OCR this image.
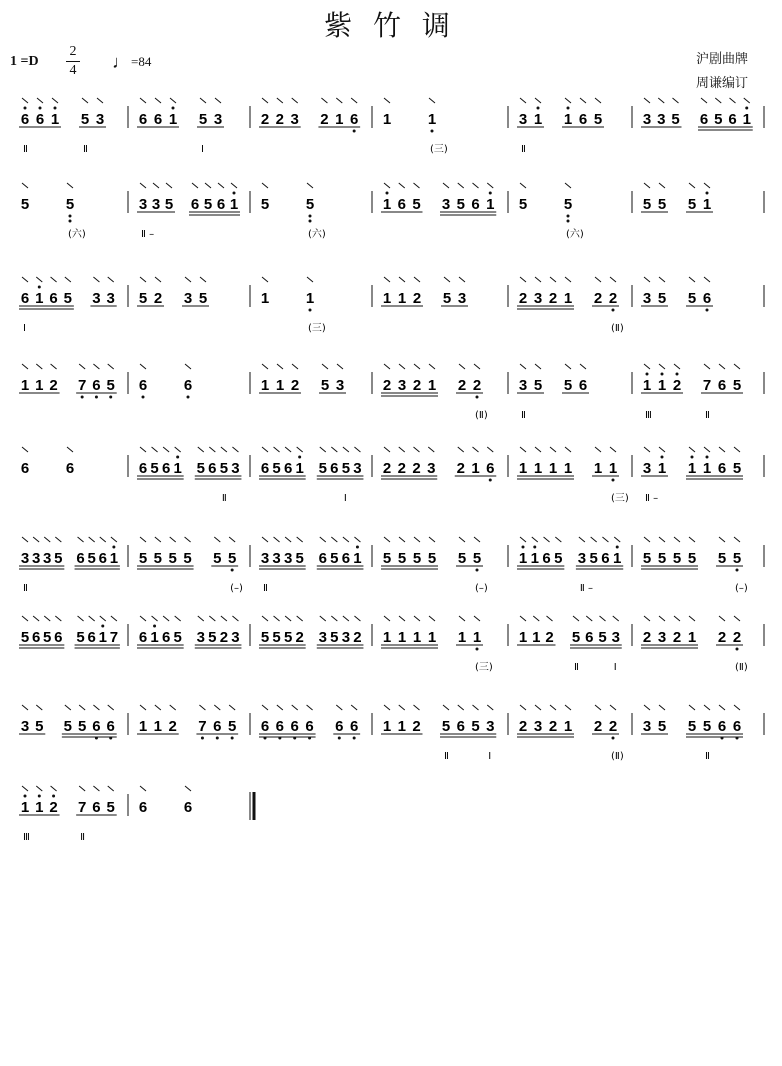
紫 竹 调
1 =D
2
4 ♩ =84	沪剧曲牌
周谦编订
6 6 1 5 3 6 6 1 5 3	2 2 3 2 1 6 1 1	3 1 1 6 5	3 3 5 6 5 6 1
5 5	3 3 5 6 5 6 1 5 5	1 6 5 3 5 6 1 5 5	5 5 5 1
6 1 6 5 3 3 5 2 3 5	1 1	1 1 2 5 3	2 3 2 1 2 2 3 5 5 6
1 1 2 7 6 5 6 6	1 1 2 5 3	2 3 2 1 2 2	3 5 5 6	1 1 2 7 6 5
6 6	6 5 6 1 5 6 5 3 6 5 6 1 5 6 5 3 2 2 2 3 2 1 6 1 1 1 1 1 1 3 1 1 1 6 5
3 3 3 5 6 5 6 1 5 5 5 5 5 5 3 3 3 5 6 5 6 1 5 5 5 5 5 5	1 1 6 5 3 5 6 1 5 5 5 5 5 5
5 6 5 6 5 6 1 7 6 1 6 5 3 5 2 3 5 5 5 2 3 5 3 2 1 1 1 1 1 1	1 1 2 5 6 5 3 2 3 2 1 2 2
3 5 5 5 6 6 1 1 2 7 6 5 6 6 6 6 6 6 1 1 2 5 6 5 3 2 3 2 1 2 2 3 5 5 5 6 6
1 1 2 7 6 5 6 6
Ⅱ	Ⅱ	Ⅰ	(三)	Ⅱ
(六)	Ⅱ –	(六)	(六)
Ⅰ	(三)	(Ⅱ)
(Ⅱ)	Ⅱ	Ⅲ	Ⅱ
Ⅱ	Ⅰ	(三) Ⅱ –
Ⅱ	(–) Ⅱ	(–)	Ⅱ –	(–)
(三)	Ⅱ	Ⅰ	(Ⅱ)
Ⅱ	Ⅰ	(Ⅱ)	Ⅱ
Ⅲ	Ⅱ
